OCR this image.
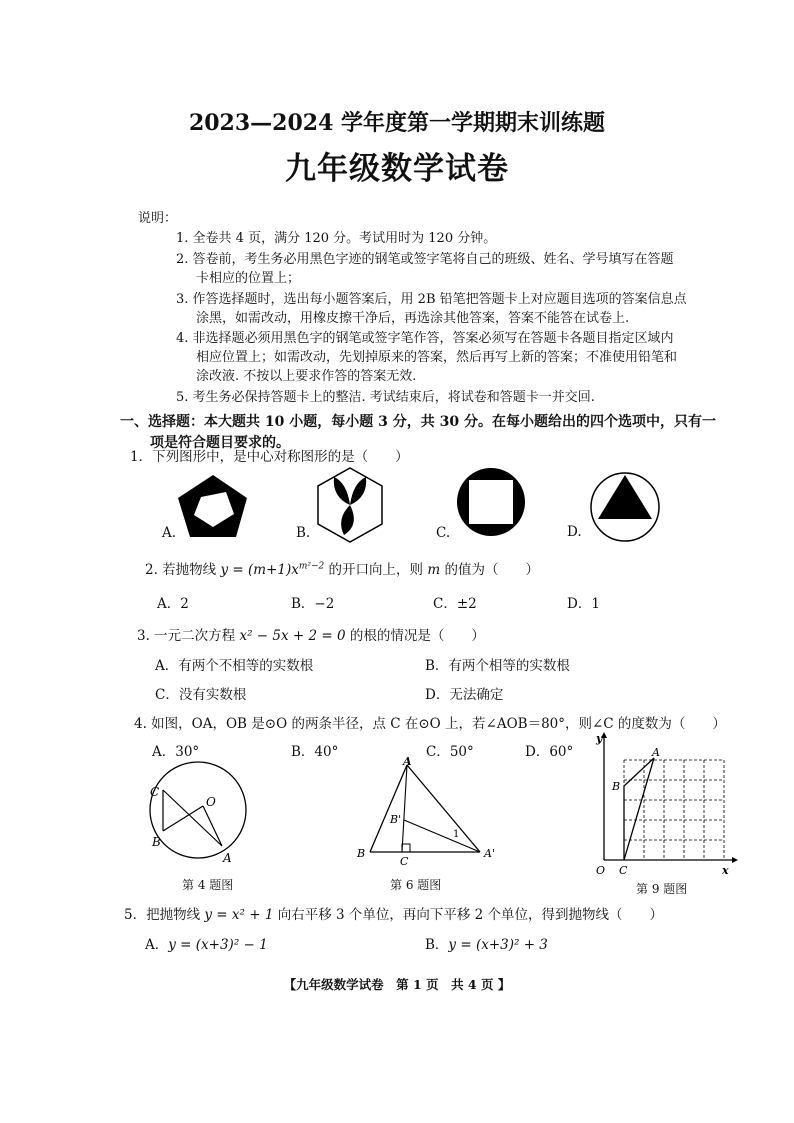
2023—2024 学年度第一学期期末训练题
九年级数学试卷
说明：
1. 全卷共 4 页，满分 120 分。考试用时为 120 分钟。
2. 答卷前，考生务必用黑色字迹的钢笔或签字笔将自己的班级、姓名、学号填写在答题
卡相应的位置上；
3. 作答选择题时，选出每小题答案后，用 2B 铅笔把答题卡上对应题目选项的答案信息点
涂黑，如需改动，用橡皮擦干净后，再选涂其他答案，答案不能答在试卷上.
4. 非选择题必须用黑色字的钢笔或签字笔作答，答案必须写在答题卡各题目指定区域内
相应位置上；如需改动，先划掉原来的答案，然后再写上新的答案；不准使用铅笔和
涂改液. 不按以上要求作答的答案无效.
5. 考生务必保持答题卡上的整洁. 考试结束后，将试卷和答题卡一并交回.
一、选择题：本大题共 10 小题，每小题 3 分，共 30 分。在每小题给出的四个选项中，只有一
项是符合题目要求的。
1．下列图形中，是中心对称图形的是（　　）
A.	B.	C.	D.
2. 若抛物线 $y = (m+1)x^{m^2-2}$ 的开口向上，则 m 的值为（　　）
A．2	B．−2	C．±2	D．1
3. 一元二次方程 x² − 5x + 2 = 0 的根的情况是（　　）
A．有两个不相等的实数根	B．有两个相等的实数根
C．没有实数根	D．无法确定
4. 如图，OA，OB 是⊙O 的两条半径，点 C 在⊙O 上，若∠AOB＝80°，则∠C 的度数为（　　）
A．30°	B．40°	C．50°	D．60°
C
O
B
A
第 4 题图
A
B'
1
B
C
A'
第 6 题图
y
A
B
O C	x
第 9 题图
5．把抛物线 y = x² + 1 向右平移 3 个单位，再向下平移 2 个单位，得到抛物线（　　）
A．y = (x+3)² − 1	B．y = (x+3)² + 3
【九年级数学试卷　第 1 页　共 4 页 】
